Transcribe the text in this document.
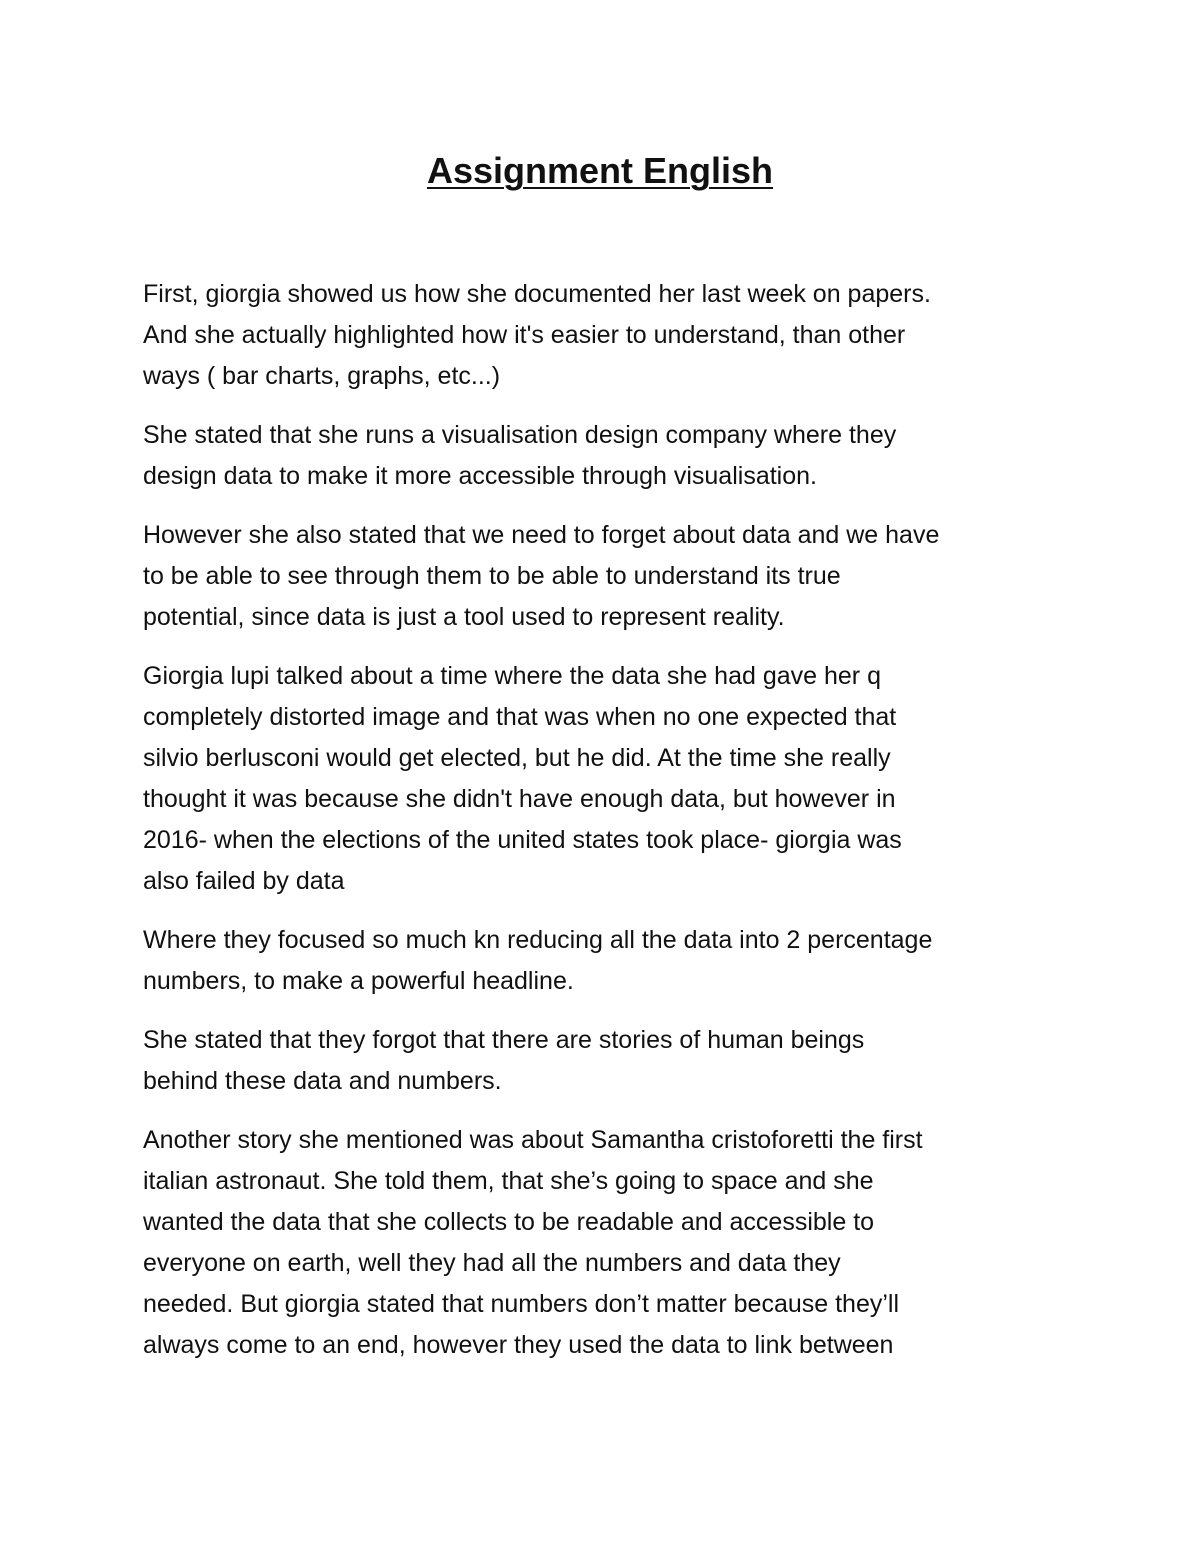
Assignment English
First, giorgia showed us how she documented her last week on papers.
And she actually highlighted how it's easier to understand, than other
ways ( bar charts, graphs, etc...)
She stated that she runs a visualisation design company where they
design data to make it more accessible through visualisation.
However she also stated that we need to forget about data and we have
to be able to see through them to be able to understand its true
potential, since data is just a tool used to represent reality.
Giorgia lupi talked about a time where the data she had gave her q
completely distorted image and that was when no one expected that
silvio berlusconi would get elected, but he did. At the time she really
thought it was because she didn't have enough data, but however in
2016- when the elections of the united states took place- giorgia was
also failed by data
Where they focused so much kn reducing all the data into 2 percentage
numbers, to make a powerful headline.
She stated that they forgot that there are stories of human beings
behind these data and numbers.
Another story she mentioned was about Samantha cristoforetti the first
italian astronaut. She told them, that she’s going to space and she
wanted the data that she collects to be readable and accessible to
everyone on earth, well they had all the numbers and data they
needed. But giorgia stated that numbers don’t matter because they’ll
always come to an end, however they used the data to link between
